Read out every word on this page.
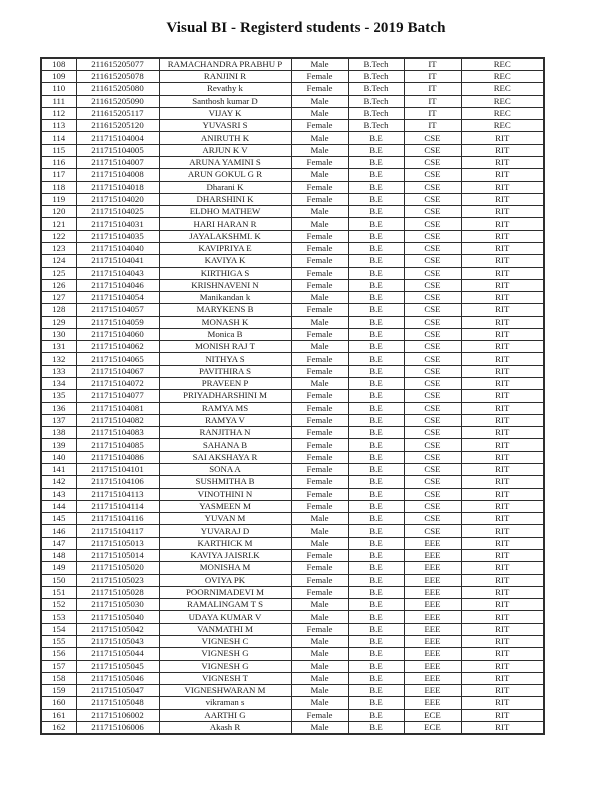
Visual BI - Registerd students - 2019 Batch
108	211615205077	RAMACHANDRA PRABHU P	Male	B.Tech	IT	REC
109	211615205078	RANJINI R	Female	B.Tech	IT	REC
110	211615205080	Revathy k	Female	B.Tech	IT	REC
111	211615205090	Santhosh kumar D	Male	B.Tech	IT	REC
112	211615205117	VIJAY K	Male	B.Tech	IT	REC
113	211615205120	YUVASRI S	Female	B.Tech	IT	REC
114	211715104004	ANIRUTH K	Male	B.E	CSE	RIT
115	211715104005	ARJUN K V	Male	B.E	CSE	RIT
116	211715104007	ARUNA YAMINI S	Female	B.E	CSE	RIT
117	211715104008	ARUN GOKUL G R	Male	B.E	CSE	RIT
118	211715104018	Dharani K	Female	B.E	CSE	RIT
119	211715104020	DHARSHINI K	Female	B.E	CSE	RIT
120	211715104025	ELDHO MATHEW	Male	B.E	CSE	RIT
121	211715104031	HARI HARAN R	Male	B.E	CSE	RIT
122	211715104035	JAYALAKSHMI. K	Female	B.E	CSE	RIT
123	211715104040	KAVIPRIYA E	Female	B.E	CSE	RIT
124	211715104041	KAVIYA K	Female	B.E	CSE	RIT
125	211715104043	KIRTHIGA S	Female	B.E	CSE	RIT
126	211715104046	KRISHNAVENI N	Female	B.E	CSE	RIT
127	211715104054	Manikandan k	Male	B.E	CSE	RIT
128	211715104057	MARYKENS B	Female	B.E	CSE	RIT
129	211715104059	MONASH K	Male	B.E	CSE	RIT
130	211715104060	Monica B	Female	B.E	CSE	RIT
131	211715104062	MONISH RAJ T	Male	B.E	CSE	RIT
132	211715104065	NITHYA S	Female	B.E	CSE	RIT
133	211715104067	PAVITHIRA S	Female	B.E	CSE	RIT
134	211715104072	PRAVEEN P	Male	B.E	CSE	RIT
135	211715104077	PRIYADHARSHINI M	Female	B.E	CSE	RIT
136	211715104081	RAMYA MS	Female	B.E	CSE	RIT
137	211715104082	RAMYA V	Female	B.E	CSE	RIT
138	211715104083	RANJITHA N	Female	B.E	CSE	RIT
139	211715104085	SAHANA B	Female	B.E	CSE	RIT
140	211715104086	SAI AKSHAYA R	Female	B.E	CSE	RIT
141	211715104101	SONA A	Female	B.E	CSE	RIT
142	211715104106	SUSHMITHA B	Female	B.E	CSE	RIT
143	211715104113	VINOTHINI N	Female	B.E	CSE	RIT
144	211715104114	YASMEEN M	Female	B.E	CSE	RIT
145	211715104116	YUVAN M	Male	B.E	CSE	RIT
146	211715104117	YUVARAJ D	Male	B.E	CSE	RIT
147	211715105013	KARTHICK M	Male	B.E	EEE	RIT
148	211715105014	KAVIYA JAISRI.K	Female	B.E	EEE	RIT
149	211715105020	MONISHA M	Female	B.E	EEE	RIT
150	211715105023	OVIYA PK	Female	B.E	EEE	RIT
151	211715105028	POORNIMADEVI M	Female	B.E	EEE	RIT
152	211715105030	RAMALINGAM T S	Male	B.E	EEE	RIT
153	211715105040	UDAYA KUMAR V	Male	B.E	EEE	RIT
154	211715105042	VANMATHI M	Female	B.E	EEE	RIT
155	211715105043	VIGNESH C	Male	B.E	EEE	RIT
156	211715105044	VIGNESH G	Male	B.E	EEE	RIT
157	211715105045	VIGNESH G	Male	B.E	EEE	RIT
158	211715105046	VIGNESH T	Male	B.E	EEE	RIT
159	211715105047	VIGNESHWARAN M	Male	B.E	EEE	RIT
160	211715105048	vikraman s	Male	B.E	EEE	RIT
161	211715106002	AARTHI G	Female	B.E	ECE	RIT
162	211715106006	Akash R	Male	B.E	ECE	RIT
